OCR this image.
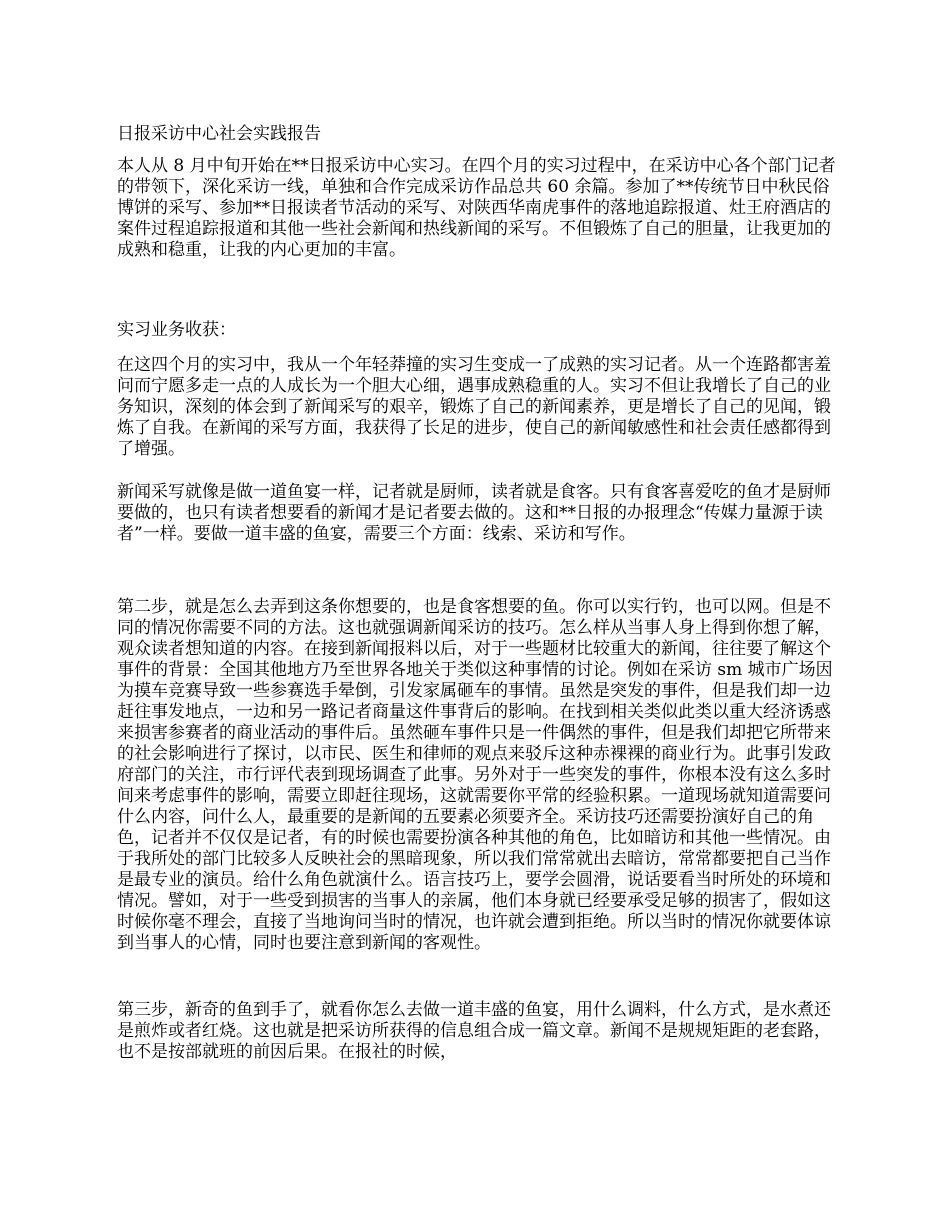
日报采访中心社会实践报告

本人从 8 月中旬开始在**日报采访中心实习。在四个月的实习过程中，在采访中心各个部门记者的带领下，深化采访一线，单独和合作完成采访作品总共 60 余篇。参加了**传统节日中秋民俗博饼的采写、参加**日报读者节活动的采写、对陕西华南虎事件的落地追踪报道、灶王府酒店的案件过程追踪报道和其他一些社会新闻和热线新闻的采写。不但锻炼了自己的胆量，让我更加的成熟和稳重，让我的内心更加的丰富。

实习业务收获：

在这四个月的实习中，我从一个年轻莽撞的实习生变成一了成熟的实习记者。从一个连路都害羞问而宁愿多走一点的人成长为一个胆大心细，遇事成熟稳重的人。实习不但让我增长了自己的业务知识，深刻的体会到了新闻采写的艰辛，锻炼了自己的新闻素养，更是增长了自己的见闻，锻炼了自我。在新闻的采写方面，我获得了长足的进步，使自己的新闻敏感性和社会责任感都得到了增强。

新闻采写就像是做一道鱼宴一样，记者就是厨师，读者就是食客。只有食客喜爱吃的鱼才是厨师要做的，也只有读者想要看的新闻才是记者要去做的。这和**日报的办报理念“传媒力量源于读者”一样。要做一道丰盛的鱼宴，需要三个方面：线索、采访和写作。

第二步，就是怎么去弄到这条你想要的，也是食客想要的鱼。你可以实行钓，也可以网。但是不同的情况你需要不同的方法。这也就强调新闻采访的技巧。怎么样从当事人身上得到你想了解，观众读者想知道的内容。在接到新闻报料以后，对于一些题材比较重大的新闻，往往要了解这个事件的背景：全国其他地方乃至世界各地关于类似这种事情的讨论。例如在采访 sm 城市广场因为摸车竞赛导致一些参赛选手晕倒，引发家属砸车的事情。虽然是突发的事件，但是我们却一边赶往事发地点，一边和另一路记者商量这件事背后的影响。在找到相关类似此类以重大经济诱惑来损害参赛者的商业活动的事件后。虽然砸车事件只是一件偶然的事件，但是我们却把它所带来的社会影响进行了探讨，以市民、医生和律师的观点来驳斥这种赤裸裸的商业行为。此事引发政府部门的关注，市行评代表到现场调查了此事。另外对于一些突发的事件，你根本没有这么多时间来考虑事件的影响，需要立即赶往现场，这就需要你平常的经验积累。一道现场就知道需要问什么内容，问什么人，最重要的是新闻的五要素必须要齐全。采访技巧还需要扮演好自己的角色，记者并不仅仅是记者，有的时候也需要扮演各种其他的角色，比如暗访和其他一些情况。由于我所处的部门比较多人反映社会的黑暗现象，所以我们常常就出去暗访，常常都要把自己当作是最专业的演员。给什么角色就演什么。语言技巧上，要学会圆滑，说话要看当时所处的环境和情况。譬如，对于一些受到损害的当事人的亲属，他们本身就已经要承受足够的损害了，假如这时候你毫不理会，直接了当地询问当时的情况，也许就会遭到拒绝。所以当时的情况你就要体谅到当事人的心情，同时也要注意到新闻的客观性。

第三步，新奇的鱼到手了，就看你怎么去做一道丰盛的鱼宴，用什么调料，什么方式，是水煮还是煎炸或者红烧。这也就是把采访所获得的信息组合成一篇文章。新闻不是规规矩距的老套路，也不是按部就班的前因后果。在报社的时候，
